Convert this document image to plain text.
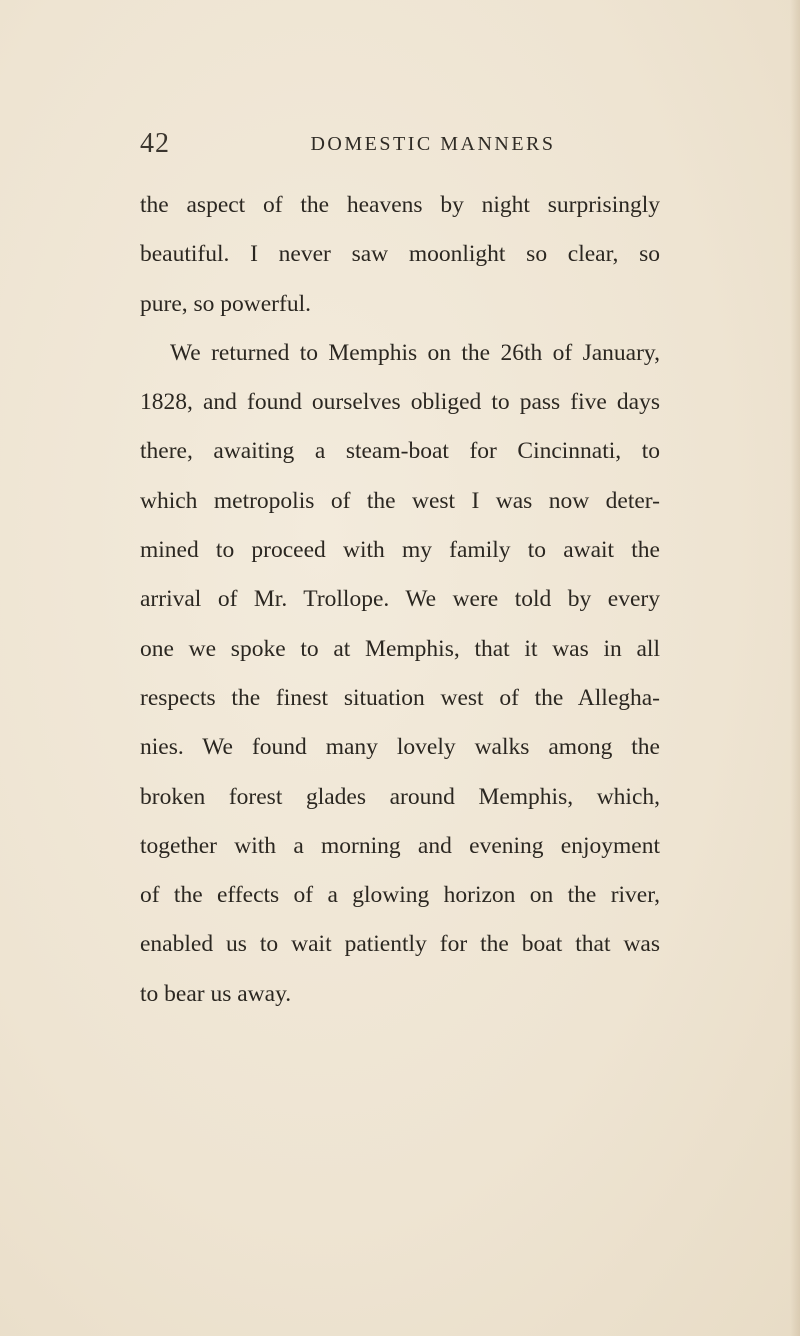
42	DOMESTIC MANNERS
the aspect of the heavens by night surprisingly
beautiful. I never saw moonlight so clear, so
pure, so powerful.
We returned to Memphis on the 26th of January,
1828, and found ourselves obliged to pass five days
there, awaiting a steam-boat for Cincinnati, to
which metropolis of the west I was now deter-
mined to proceed with my family to await the
arrival of Mr. Trollope. We were told by every
one we spoke to at Memphis, that it was in all
respects the finest situation west of the Allegha-
nies. We found many lovely walks among the
broken forest glades around Memphis, which,
together with a morning and evening enjoyment
of the effects of a glowing horizon on the river,
enabled us to wait patiently for the boat that was
to bear us away.
